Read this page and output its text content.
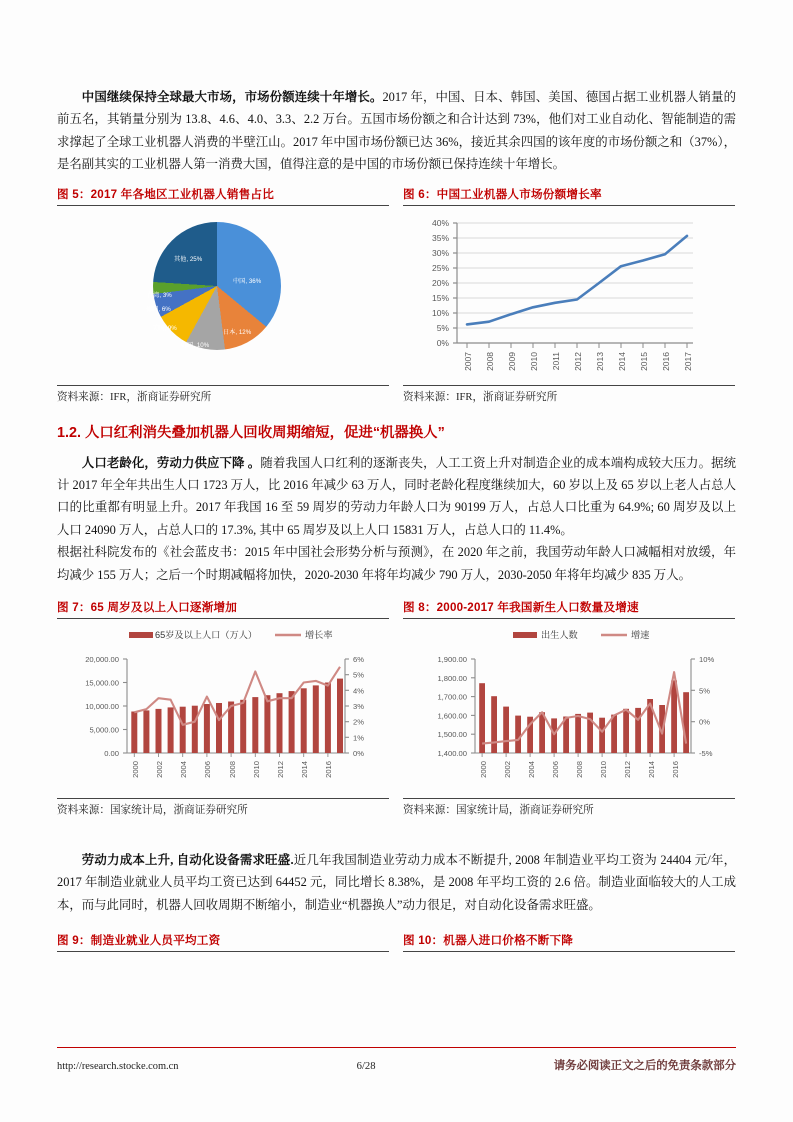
中国继续保持全球最大市场，市场份额连续十年增长。2017 年，中国、日本、韩国、美国、德国占据工业机器人销量的前五名，其销量分别为 13.8、4.6、4.0、3.3、2.2 万台。五国市场份额之和合计达到 73%，他们对工业自动化、智能制造的需求撑起了全球工业机器人消费的半壁江山。2017 年中国市场份额已达 36%，接近其余四国的该年度的市场份额之和（37%），是名副其实的工业机器人第一消费大国，值得注意的是中国的市场份额已保持连续十年增长。

图 5：2017 年各地区工业机器人销售占比
中国, 36%
日本, 12%
韩国, 10%
美国, 9%
德国, 6%
台湾, 3%
其他, 25%
资料来源：IFR，浙商证券研究所
图 6：中国工业机器人市场份额增长率
40%
35%
30%
25%
20%
15%
10%
5%
0%
2007 2008 2009 2010 2011 2012 2013 2014 2015 2016 2017
资料来源：IFR，浙商证券研究所
1.2. 人口红利消失叠加机器人回收周期缩短，促进“机器换人”

人口老龄化，劳动力供应下降 。随着我国人口红利的逐渐丧失，人工工资上升对制造企业的成本端构成较大压力。据统计 2017 年全年共出生人口 1723 万人，比 2016 年减少 63 万人，同时老龄化程度继续加大，60 岁以上及 65 岁以上老人占总人口的比重都有明显上升。2017 年我国 16 至 59 周岁的劳动力年龄人口为 90199 万人，占总人口比重为 64.9%; 60 周岁及以上人口 24090 万人，占总人口的 17.3%, 其中 65 周岁及以上人口 15831 万人，占总人口的 11.4%。

根据社科院发布的《社会蓝皮书：2015 年中国社会形势分析与预测》，在 2020 年之前，我国劳动年龄人口减幅相对放缓，年均减少 155 万人；之后一个时期减幅将加快，2020-2030 年将年均减少 790 万人，2030-2050 年将年均减少 835 万人。

图 7：65 周岁及以上人口逐渐增加
65岁及以上人口（万人）	增长率
20,000.00
15,000.00
10,000.00
5,000.00
0.00
6%
5%
4%
3%
2%
1%
0%
2000 2002 2004 2006 2008 2010 2012 2014 2016
资料来源：国家统计局，浙商证券研究所
图 8：2000-2017 年我国新生人口数量及增速
出生人数	增速
1,900.00
1,800.00
1,700.00
1,600.00
1,500.00
1,400.00
10%
5%
0%
-5%
2000 2002 2004 2006 2008 2010 2012 2014 2016
资料来源：国家统计局，浙商证券研究所

劳动力成本上升, 自动化设备需求旺盛.近几年我国制造业劳动力成本不断提升, 2008 年制造业平均工资为 24404 元/年，2017 年制造业就业人员平均工资已达到 64452 元，同比增长 8.38%，是 2008 年平均工资的 2.6 倍。制造业面临较大的人工成本，而与此同时，机器人回收周期不断缩小，制造业“机器换人”动力很足，对自动化设备需求旺盛。

图 9：制造业就业人员平均工资	图 10：机器人进口价格不断下降
http://research.stocke.com.cn	6/28	请务必阅读正文之后的免责条款部分
